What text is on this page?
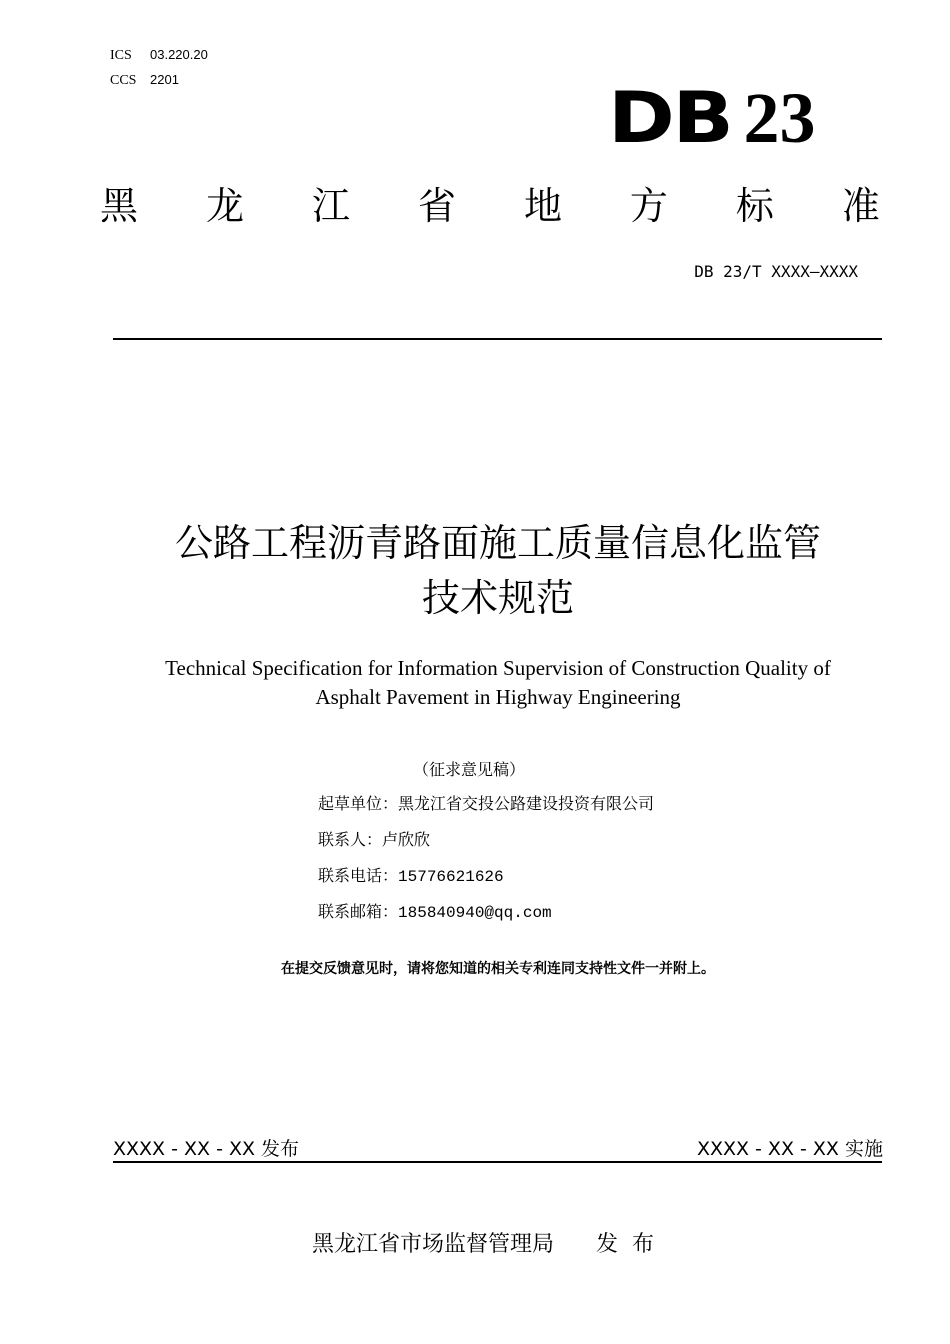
ICS 03.220.20
CCS 2201	DB 23
黑 龙 江 省 地 方 标 准
DB 23/T XXXX—XXXX
公路工程沥青路面施工质量信息化监管
技术规范
Technical Specification for Information Supervision of Construction Quality of
Asphalt Pavement in Highway Engineering
（征求意见稿）
起草单位：黑龙江省交投公路建设投资有限公司
联系人：卢欣欣
联系电话：15776621626
联系邮箱：185840940@qq.com
在提交反馈意见时，请将您知道的相关专利连同支持性文件一并附上。
XXXX - XX - XX 发布	XXXX - XX - XX 实施
黑龙江省市场监督管理局 发  布
